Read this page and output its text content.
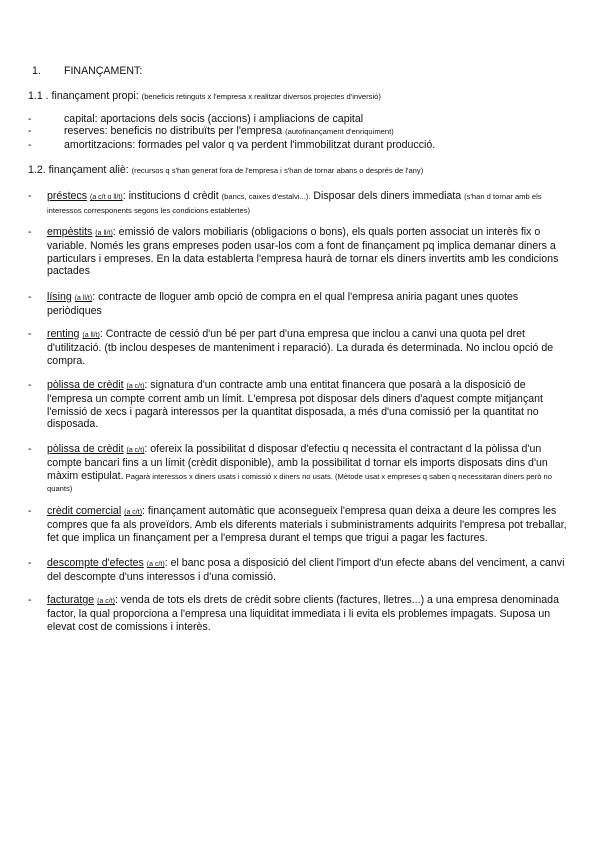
1. FINANÇAMENT:
1.1 . finançament propi: (beneficis retinguts x l'empresa x realitzar diversos projectes d'inversió)
-	capital: aportacions dels socis (accions) i ampliacions de capital
-	reserves: beneficis no distribuïts per l'empresa (autofinançament d'enriquiment)
-	amortitzacions: formades pel valor q va perdent l'immobilitzat durant producció.
1.2. finançament aliè: (recursos q s'han generat fora de l'empresa i s'han de tornar abans o després de l'any)
-	préstecs (a c/t o ll/t): institucions d crèdit (bancs, caixes d'estalvi...). Disposar dels diners immediata (s'han d tornar amb els interessos corresponents segons les condicions establertes)
-	empèstits (a ll/t): emissió de valors mobiliaris (obligacions o bons), els quals porten associat un interès fix o variable. Només les grans empreses poden usar-los com a font de finançament pq implica demanar diners a particulars i empreses. En la data establerta l'empresa haurà de tornar els diners invertits amb les condicions pactades
-	lísing (a ll/t): contracte de lloguer amb opció de compra en el qual l'empresa aniria pagant unes quotes periòdiques
-	renting (a ll/t): Contracte de cessió d'un bé per part d'una empresa que inclou a canvi una quota pel dret d'utilització. (tb inclou despeses de manteniment i reparació). La durada és determinada. No inclou opció de compra.
-	pòlissa de crèdit (a c/t): signatura d'un contracte amb una entitat financera que posarà a la disposició de l'empresa un compte corrent amb un límit. L'empresa pot disposar dels diners d'aquest compte mitjançant l'emissió de xecs i pagarà interessos per la quantitat disposada, a més d'una comissió per la quantitat no disposada.
-	pòlissa de crèdit (a c/t): ofereix la possibilitat d disposar d'efectiu q necessita el contractant d la pòlissa d'un compte bancari fins a un límit (crèdit disponible), amb la possibilitat d tornar els imports disposats dins d'un màxim estipulat. Pagarà interessos x diners usats i comissió x diners no usats. (Mètode usat x empreses q saben q necessitaran diners però no quants)
-	crèdit comercial (a c/t): finançament automàtic que aconsegueix l'empresa quan deixa a deure les compres les compres que fa als proveïdors. Amb els diferents materials i subministraments adquirits l'empresa pot treballar, fet que implica un finançament per a l'empresa durant el temps que trigui a pagar les factures.
-	descompte d'efectes (a c/t): el banc posa a disposició del client l'import d'un efecte abans del venciment, a canvi del descompte d'uns interessos i d'una comissió.
-	facturatge (a c/t): venda de tots els drets de crèdit sobre clients (factures, lletres...) a una empresa denominada factor, la qual proporciona a l'empresa una liquiditat immediata i li evita els problemes impagats. Suposa un elevat cost de comissions i interès.
